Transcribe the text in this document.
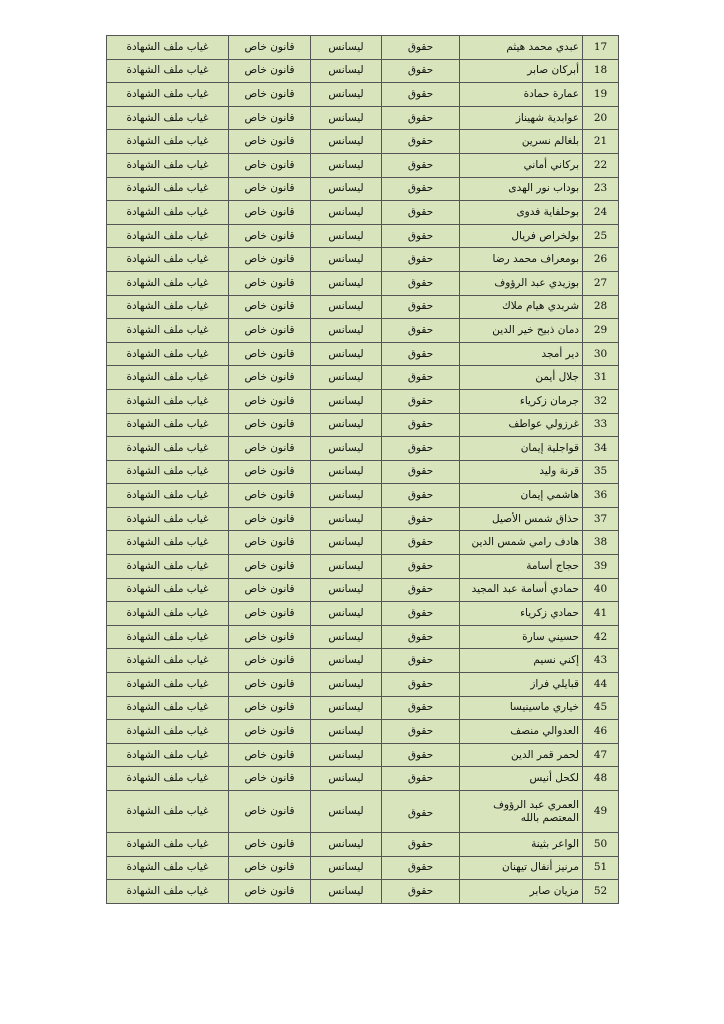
17	عبدي محمد هيثم	حقوق	ليسانس	قانون خاص	غياب ملف الشهادة
18	أبركان صابر	حقوق	ليسانس	قانون خاص	غياب ملف الشهادة
19	عمارة حمادة	حقوق	ليسانس	قانون خاص	غياب ملف الشهادة
20	عوابدية شهيناز	حقوق	ليسانس	قانون خاص	غياب ملف الشهادة
21	بلغالم نسرين	حقوق	ليسانس	قانون خاص	غياب ملف الشهادة
22	بركاني أماني	حقوق	ليسانس	قانون خاص	غياب ملف الشهادة
23	بوداب نور الهدى	حقوق	ليسانس	قانون خاص	غياب ملف الشهادة
24	بوحلفاية فدوى	حقوق	ليسانس	قانون خاص	غياب ملف الشهادة
25	بولخراص فريال	حقوق	ليسانس	قانون خاص	غياب ملف الشهادة
26	بومعراف محمد رضا	حقوق	ليسانس	قانون خاص	غياب ملف الشهادة
27	بوزيدي عبد الرؤوف	حقوق	ليسانس	قانون خاص	غياب ملف الشهادة
28	شربدي هيام ملاك	حقوق	ليسانس	قانون خاص	غياب ملف الشهادة
29	دمان ذبيح خير الدين	حقوق	ليسانس	قانون خاص	غياب ملف الشهادة
30	دير أمجد	حقوق	ليسانس	قانون خاص	غياب ملف الشهادة
31	جلال أيمن	حقوق	ليسانس	قانون خاص	غياب ملف الشهادة
32	جرمان زكرياء	حقوق	ليسانس	قانون خاص	غياب ملف الشهادة
33	غرزولي عواطف	حقوق	ليسانس	قانون خاص	غياب ملف الشهادة
34	قواجلية إيمان	حقوق	ليسانس	قانون خاص	غياب ملف الشهادة
35	قرنة وليد	حقوق	ليسانس	قانون خاص	غياب ملف الشهادة
36	هاشمي إيمان	حقوق	ليسانس	قانون خاص	غياب ملف الشهادة
37	حذاق شمس الأصيل	حقوق	ليسانس	قانون خاص	غياب ملف الشهادة
38	هادف رامي شمس الدين	حقوق	ليسانس	قانون خاص	غياب ملف الشهادة
39	حجاج أسامة	حقوق	ليسانس	قانون خاص	غياب ملف الشهادة
40	حمادي أسامة عبد المجيد	حقوق	ليسانس	قانون خاص	غياب ملف الشهادة
41	حمادي زكرياء	حقوق	ليسانس	قانون خاص	غياب ملف الشهادة
42	حسيني سارة	حقوق	ليسانس	قانون خاص	غياب ملف الشهادة
43	إكني نسيم	حقوق	ليسانس	قانون خاص	غياب ملف الشهادة
44	قبايلي فراز	حقوق	ليسانس	قانون خاص	غياب ملف الشهادة
45	خياري ماسينيسا	حقوق	ليسانس	قانون خاص	غياب ملف الشهادة
46	العدوالي منصف	حقوق	ليسانس	قانون خاص	غياب ملف الشهادة
47	لحمر قمر الدين	حقوق	ليسانس	قانون خاص	غياب ملف الشهادة
48	لكحل أنيس	حقوق	ليسانس	قانون خاص	غياب ملف الشهادة
49	العمري عبد الرؤوف المعتصم بالله	حقوق	ليسانس	قانون خاص	غياب ملف الشهادة
50	الواعر بثينة	حقوق	ليسانس	قانون خاص	غياب ملف الشهادة
51	مرنيز أنفال تيهنان	حقوق	ليسانس	قانون خاص	غياب ملف الشهادة
52	مزيان صابر	حقوق	ليسانس	قانون خاص	غياب ملف الشهادة
